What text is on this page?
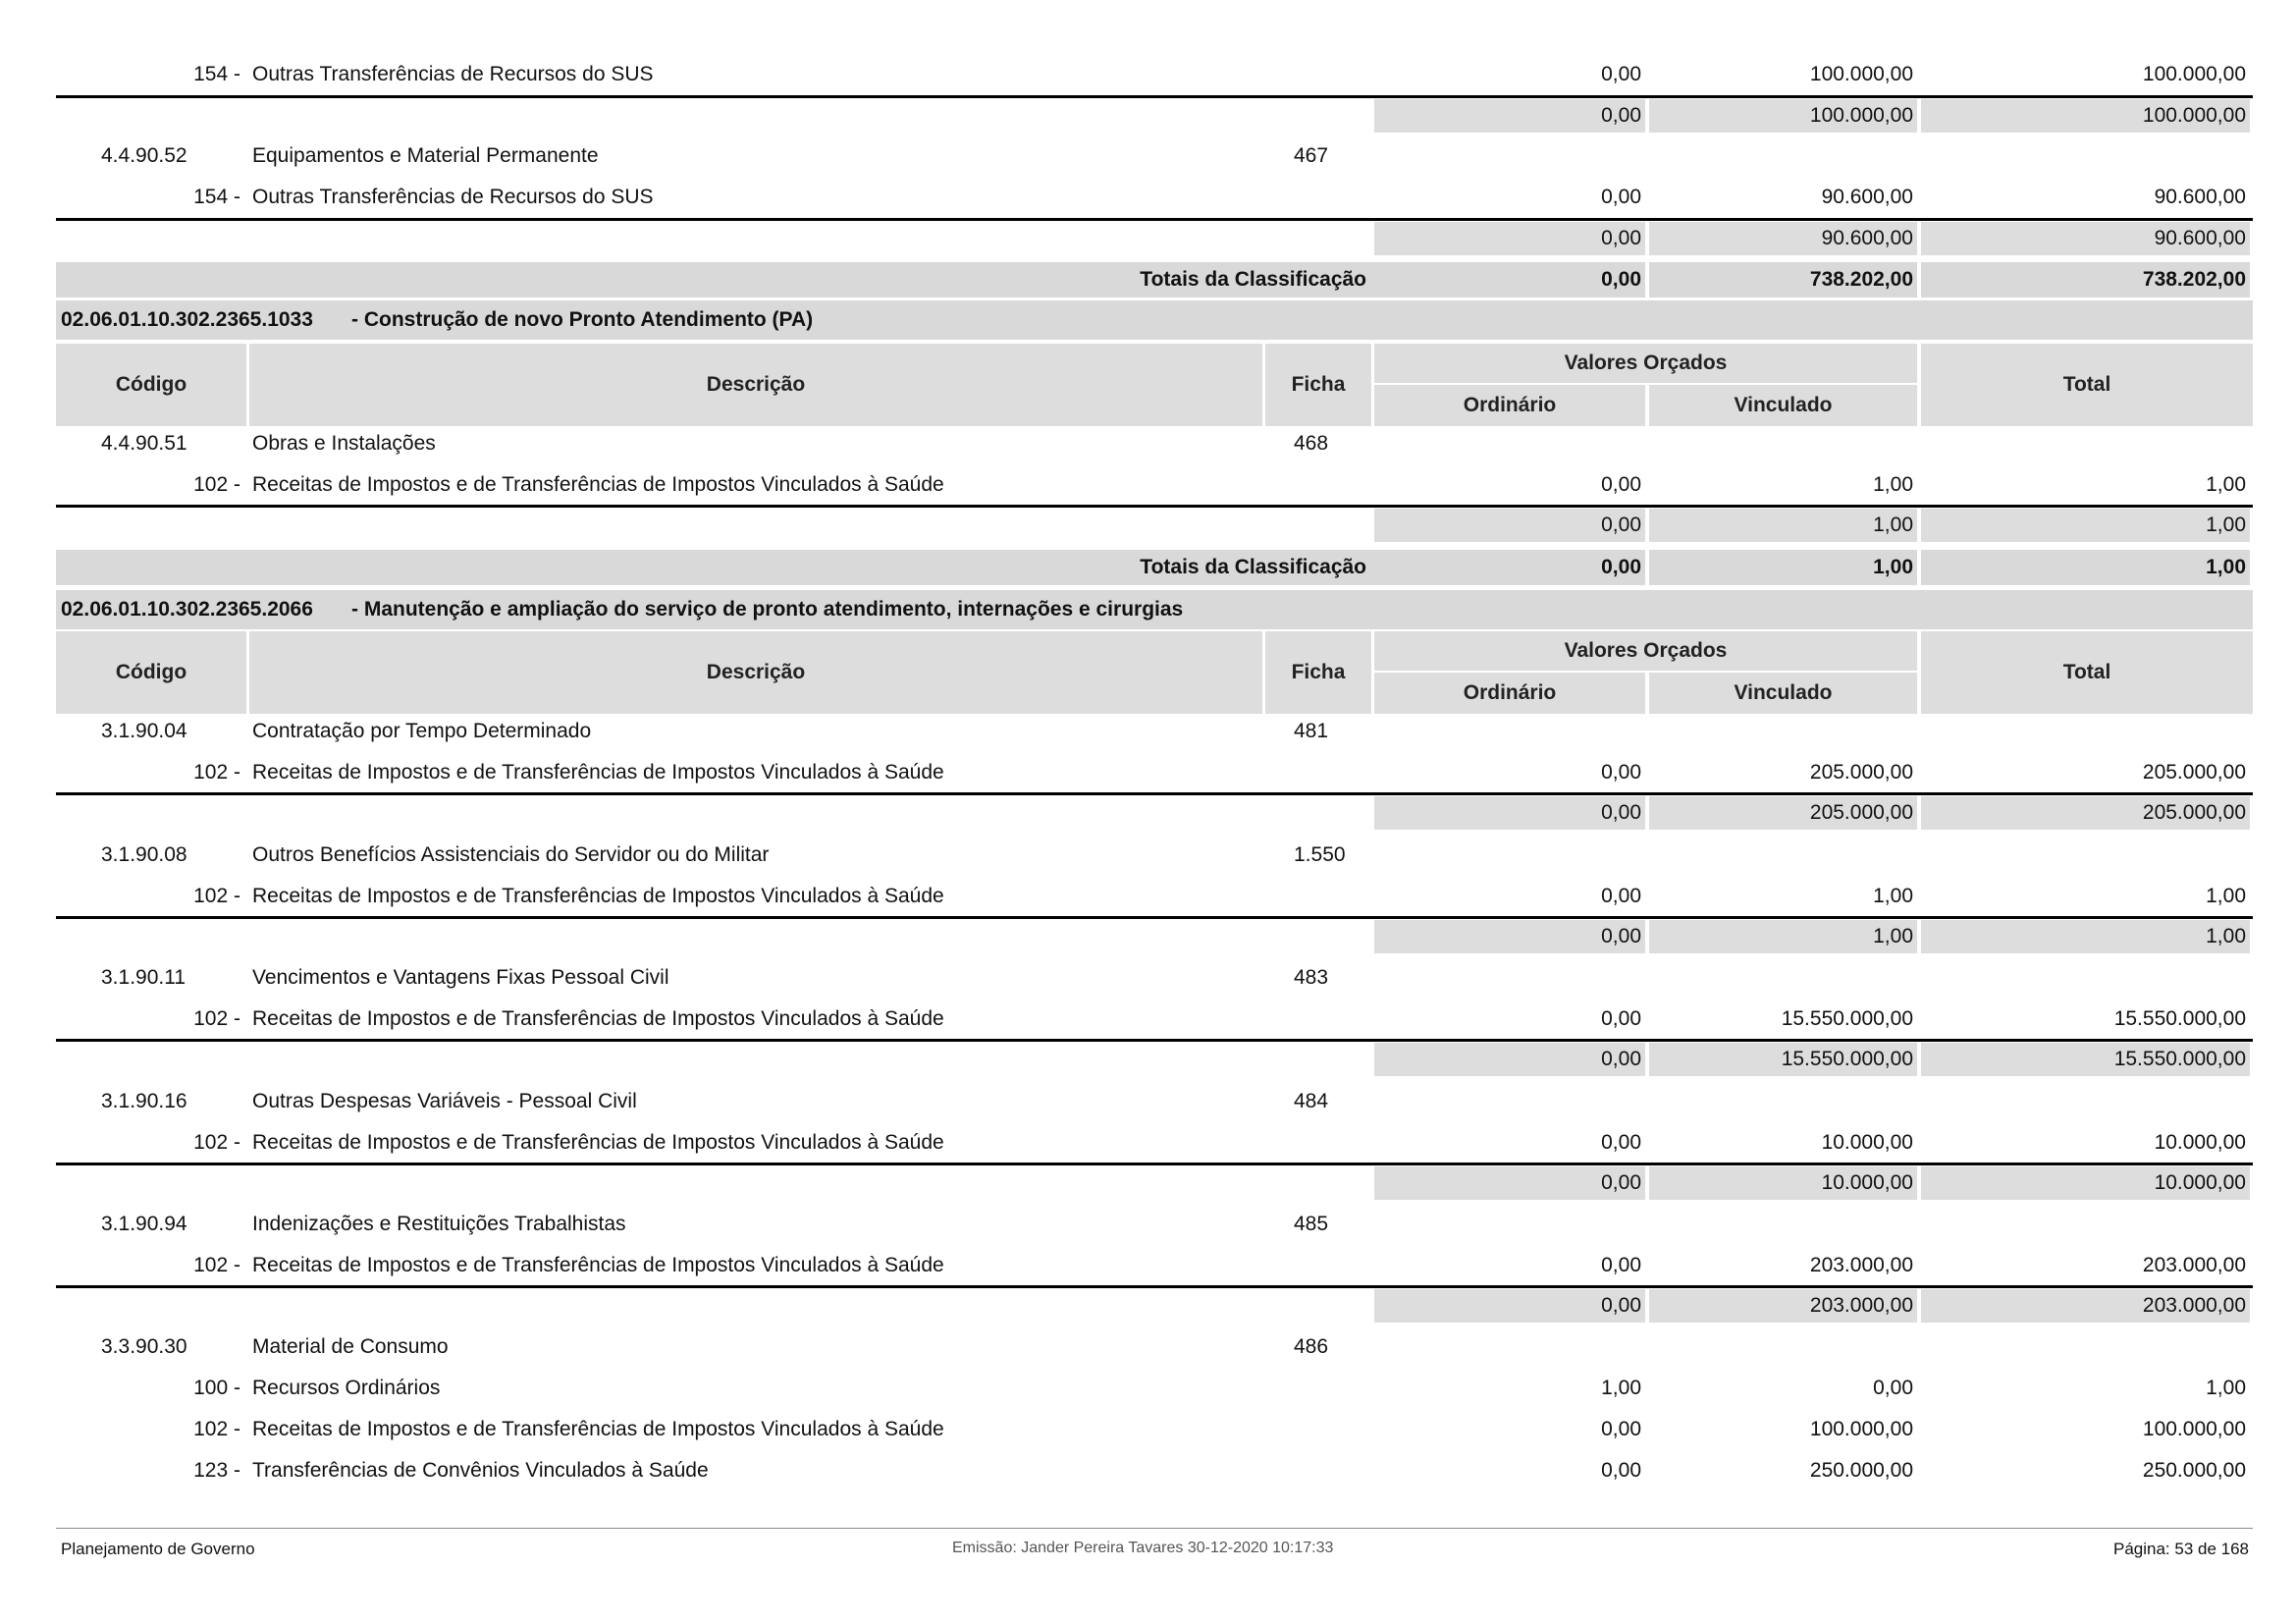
154 - Outras Transferências de Recursos do SUS	0,00	100.000,00	100.000,00
0,00	100.000,00	100.000,00
4.4.90.52	Equipamentos e Material Permanente	467
154 - Outras Transferências de Recursos do SUS	0,00	90.600,00	90.600,00
0,00	90.600,00	90.600,00
Totais da Classificação	0,00	738.202,00	738.202,00
02.06.01.10.302.2365.1033	- Construção de novo Pronto Atendimento (PA)
Código	Descrição	Ficha
Valores Orçados
Ordinário	Vinculado
Total
4.4.90.51	Obras e Instalações	468
102 - Receitas de Impostos e de Transferências de Impostos Vinculados à Saúde	0,00	1,00	1,00
0,00	1,00	1,00
Totais da Classificação	0,00	1,00	1,00
02.06.01.10.302.2365.2066	- Manutenção e ampliação do serviço de pronto atendimento, internações e cirurgias
Código	Descrição	Ficha
Valores Orçados
Ordinário	Vinculado
Total
3.1.90.04	Contratação por Tempo Determinado	481
102 - Receitas de Impostos e de Transferências de Impostos Vinculados à Saúde	0,00	205.000,00	205.000,00
0,00	205.000,00	205.000,00
3.1.90.08	Outros Benefícios Assistenciais do Servidor ou do Militar	1.550
102 - Receitas de Impostos e de Transferências de Impostos Vinculados à Saúde	0,00	1,00	1,00
0,00	1,00	1,00
3.1.90.11	Vencimentos e Vantagens Fixas Pessoal Civil	483
102 - Receitas de Impostos e de Transferências de Impostos Vinculados à Saúde	0,00	15.550.000,00	15.550.000,00
0,00	15.550.000,00	15.550.000,00
3.1.90.16	Outras Despesas Variáveis - Pessoal Civil	484
102 - Receitas de Impostos e de Transferências de Impostos Vinculados à Saúde	0,00	10.000,00	10.000,00
0,00	10.000,00	10.000,00
3.1.90.94	Indenizações e Restituições Trabalhistas	485
102 - Receitas de Impostos e de Transferências de Impostos Vinculados à Saúde	0,00	203.000,00	203.000,00
0,00	203.000,00	203.000,00
3.3.90.30	Material de Consumo	486
100 - Recursos Ordinários	1,00	0,00	1,00
102 - Receitas de Impostos e de Transferências de Impostos Vinculados à Saúde	0,00	100.000,00	100.000,00
123 - Transferências de Convênios Vinculados à Saúde	0,00	250.000,00	250.000,00
Planejamento de Governo	Emissão: Jander Pereira Tavares 30-12-2020 10:17:33	Página: 53 de 168
